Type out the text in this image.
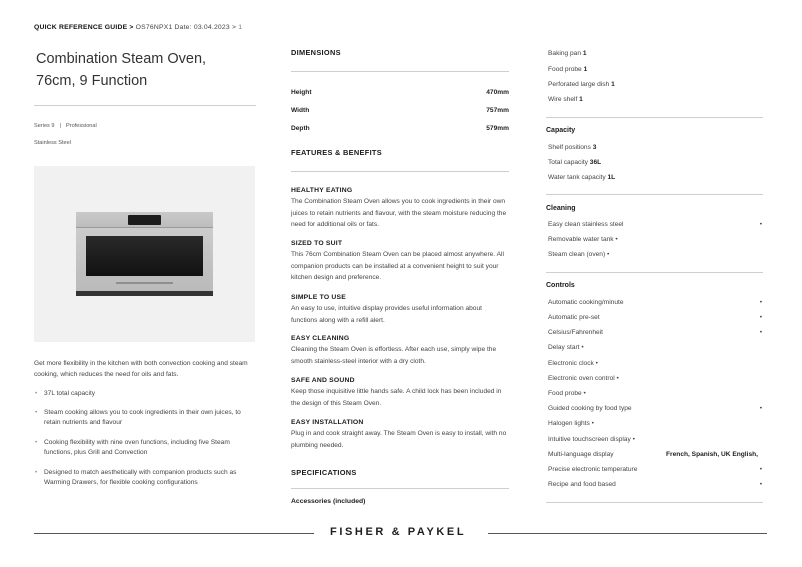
QUICK REFERENCE GUIDE > OS76NPX1 Date: 03.04.2023 > 1
Combination Steam Oven,
76cm, 9 Function
Series 9 | Professional
Stainless Steel
Get more flexibility in the kitchen with both convection cooking and steam cooking, which reduces the need for oils and fats.
• 37L total capacity
• Steam cooking allows you to cook ingredients in their own juices, to retain nutrients and flavour
• Cooking flexibility with nine oven functions, including five Steam functions, plus Grill and Convection
• Designed to match aesthetically with companion products such as Warming Drawers, for flexible cooking configurations
DIMENSIONS
Height	470mm
Width	757mm
Depth	579mm
FEATURES & BENEFITS
HEALTHY EATING
The Combination Steam Oven allows you to cook ingredients in their own juices to retain nutrients and flavour, with the steam moisture reducing the need for additional oils or fats.
SIZED TO SUIT
This 76cm Combination Steam Oven can be placed almost anywhere. All companion products can be installed at a convenient height to suit your kitchen design and preference.
SIMPLE TO USE
An easy to use, intuitive display provides useful information about functions along with a refill alert.
EASY CLEANING
Cleaning the Steam Oven is effortless. After each use, simply wipe the smooth stainless-steel interior with a dry cloth.
SAFE AND SOUND
Keep those inquisitive little hands safe. A child lock has been included in the design of this Steam Oven.
EASY INSTALLATION
Plug in and cook straight away. The Steam Oven is easy to install, with no plumbing needed.
SPECIFICATIONS
Accessories (included)
Baking pan 1
Food probe 1
Perforated large dish 1
Wire shelf 1
Capacity
Shelf positions 3
Total capacity 36L
Water tank capacity 1L
Cleaning
Easy clean stainless steel	•
Removable water tank •
Steam clean (oven) •
Controls
Automatic cooking/minute	•
Automatic pre-set	•
Celsius/Fahrenheit	•
Delay start •
Electronic clock •
Electronic oven control •
Food probe •
Guided cooking by food type	•
Halogen lights •
Intuitive touchscreen display •
Multi-language display	French, Spanish, UK English,
Precise electronic temperature	•
Recipe and food based	•
FISHER & PAYKEL
